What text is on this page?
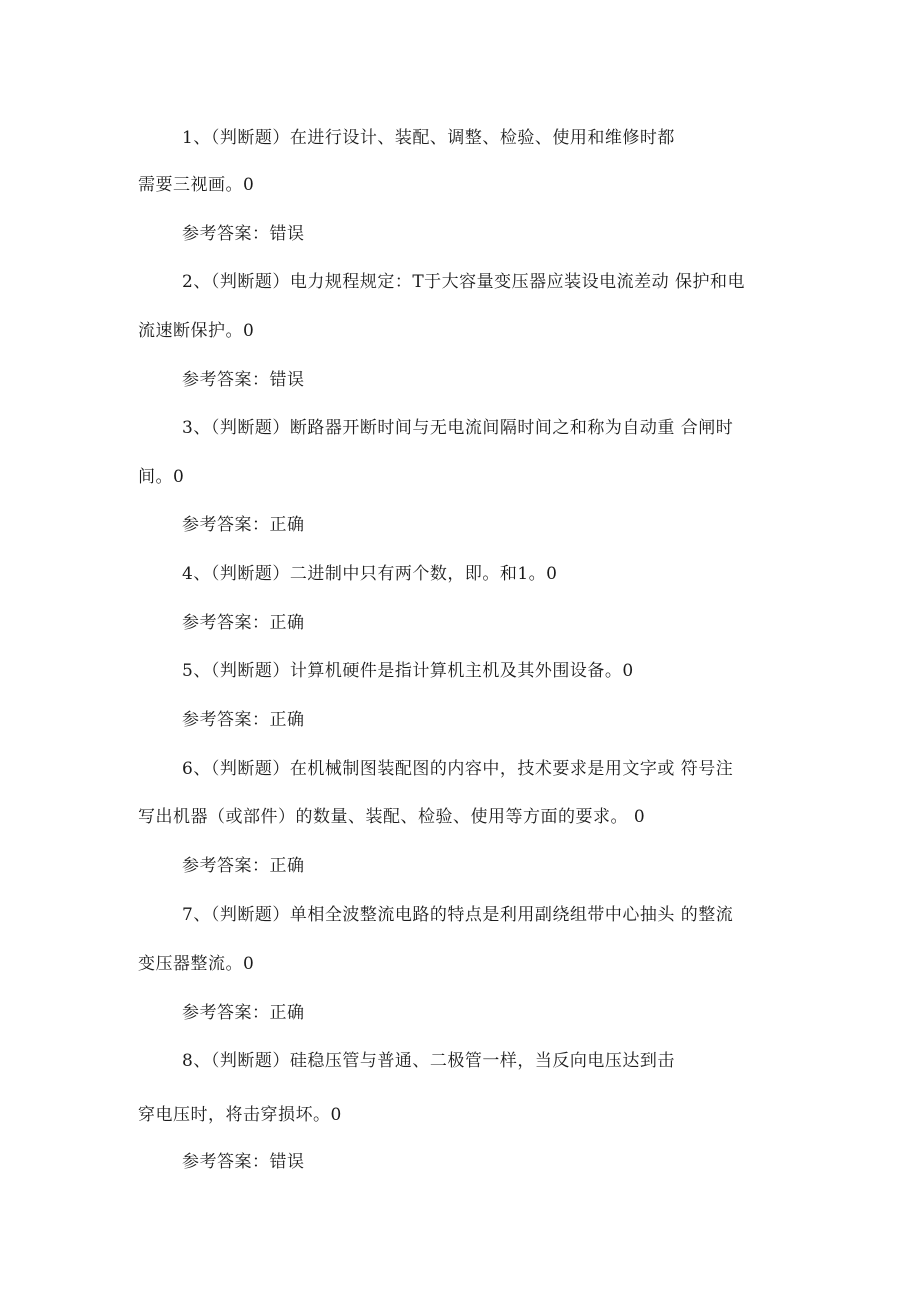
1、（判断题）在进行设计、装配、调整、检验、使用和维修时都
需要三视画。0
参考答案：错误
2、（判断题）电力规程规定：T于大容量变压器应装设电流差动 保护和电
流速断保护。0
参考答案：错误
3、（判断题）断路器开断时间与无电流间隔时间之和称为自动重 合闸时
间。0
参考答案：正确
4、（判断题）二进制中只有两个数，即。和1。0
参考答案：正确
5、（判断题）计算机硬件是指计算机主机及其外围设备。0
参考答案：正确
6、（判断题）在机械制图装配图的内容中，技术要求是用文字或 符号注
写出机器（或部件）的数量、装配、检验、使用等方面的要求。 0
参考答案：正确
7、（判断题）单相全波整流电路的特点是利用副绕组带中心抽头 的整流
变压器整流。0
参考答案：正确
8、（判断题）硅稳压管与普通、二极管一样，当反向电压达到击
穿电压时，将击穿损坏。0
参考答案：错误
